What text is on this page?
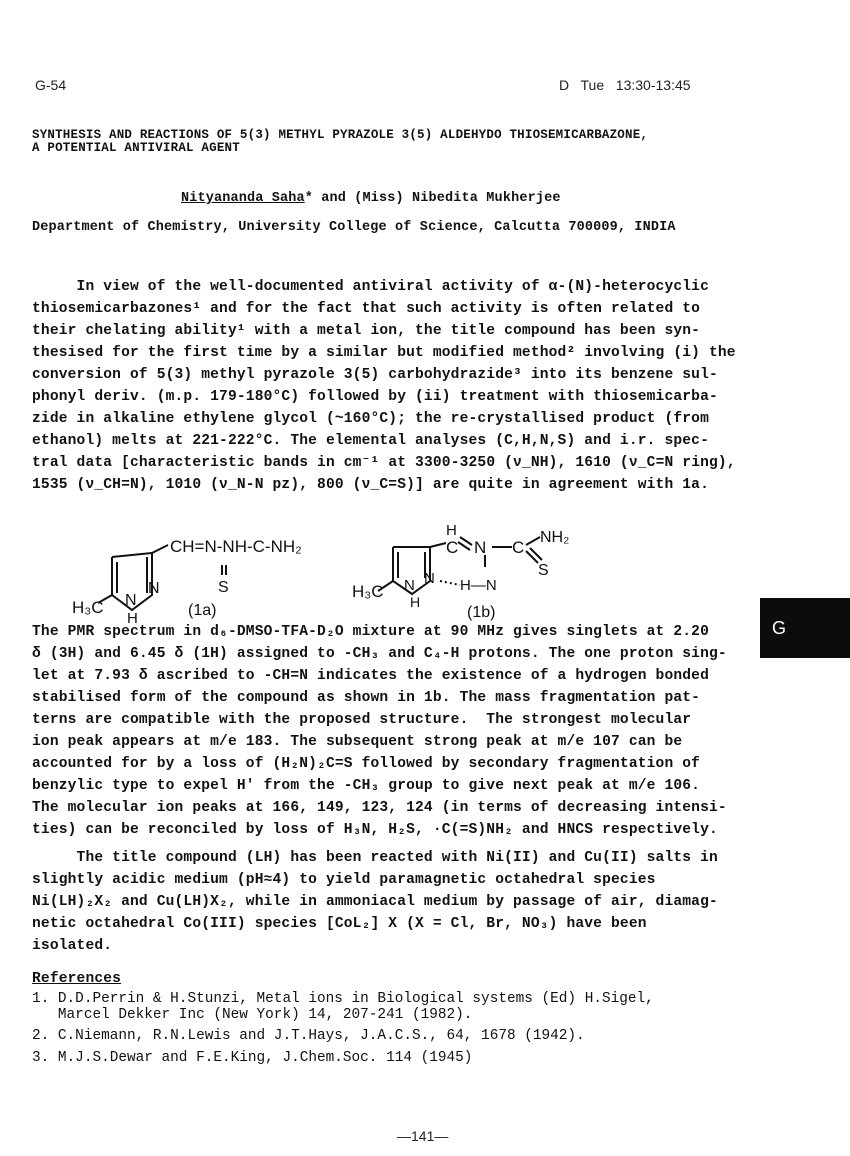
G-54	D   Tue   13:30-13:45
SYNTHESIS AND REACTIONS OF 5(3) METHYL PYRAZOLE 3(5) ALDEHYDO THIOSEMICARBAZONE,
A POTENTIAL ANTIVIRAL AGENT
Nityananda Saha* and (Miss) Nibedita Mukherjee
Department of Chemistry, University College of Science, Calcutta 700009, INDIA
In view of the well-documented antiviral activity of α-(N)-heterocyclic
thiosemicarbazones¹ and for the fact that such activity is often related to
their chelating ability¹ with a metal ion, the title compound has been syn-
thesised for the first time by a similar but modified method² involving (i) the
conversion of 5(3) methyl pyrazole 3(5) carbohydrazide³ into its benzene sul-
phonyl deriv. (m.p. 179-180°C) followed by (ii) treatment with thiosemicarba-
zide in alkaline ethylene glycol (~160°C); the re-crystallised product (from
ethanol) melts at 221-222°C. The elemental analyses (C,H,N,S) and i.r. spec-
tral data [characteristic bands in cm⁻¹ at 3300-3250 (ν_NH), 1610 (ν_C=N ring),
1535 (ν_CH=N), 1010 (ν_N-N pz), 800 (ν_C=S)] are quite in agreement with 1a.
CH=N-NH-C-NH₂
S
H₃C N
N
H	(1a)
H
C N C
NH₂
S
H—N
H₃C N N
H
(1b)
G
The PMR spectrum in d₆-DMSO-TFA-D₂O mixture at 90 MHz gives singlets at 2.20
δ (3H) and 6.45 δ (1H) assigned to -CH₃ and C₄-H protons. The one proton sing-
let at 7.93 δ ascribed to -CH=N indicates the existence of a hydrogen bonded
stabilised form of the compound as shown in 1b. The mass fragmentation pat-
terns are compatible with the proposed structure.  The strongest molecular
ion peak appears at m/e 183. The subsequent strong peak at m/e 107 can be
accounted for by a loss of (H₂N)₂C=S followed by secondary fragmentation of
benzylic type to expel H' from the -CH₃ group to give next peak at m/e 106.
The molecular ion peaks at 166, 149, 123, 124 (in terms of decreasing intensi-
ties) can be reconciled by loss of H₃N, H₂S, ·C(=S)NH₂ and HNCS respectively.
The title compound (LH) has been reacted with Ni(II) and Cu(II) salts in
slightly acidic medium (pH≈4) to yield paramagnetic octahedral species
Ni(LH)₂X₂ and Cu(LH)X₂, while in ammoniacal medium by passage of air, diamag-
netic octahedral Co(III) species [CoL₂] X (X = Cl, Br, NO₃) have been
isolated.
References
1. D.D.Perrin & H.Stunzi, Metal ions in Biological systems (Ed) H.Sigel,
Marcel Dekker Inc (New York) 14, 207-241 (1982).
2. C.Niemann, R.N.Lewis and J.T.Hays, J.A.C.S., 64, 1678 (1942).
3. M.J.S.Dewar and F.E.King, J.Chem.Soc. 114 (1945)
—141—
